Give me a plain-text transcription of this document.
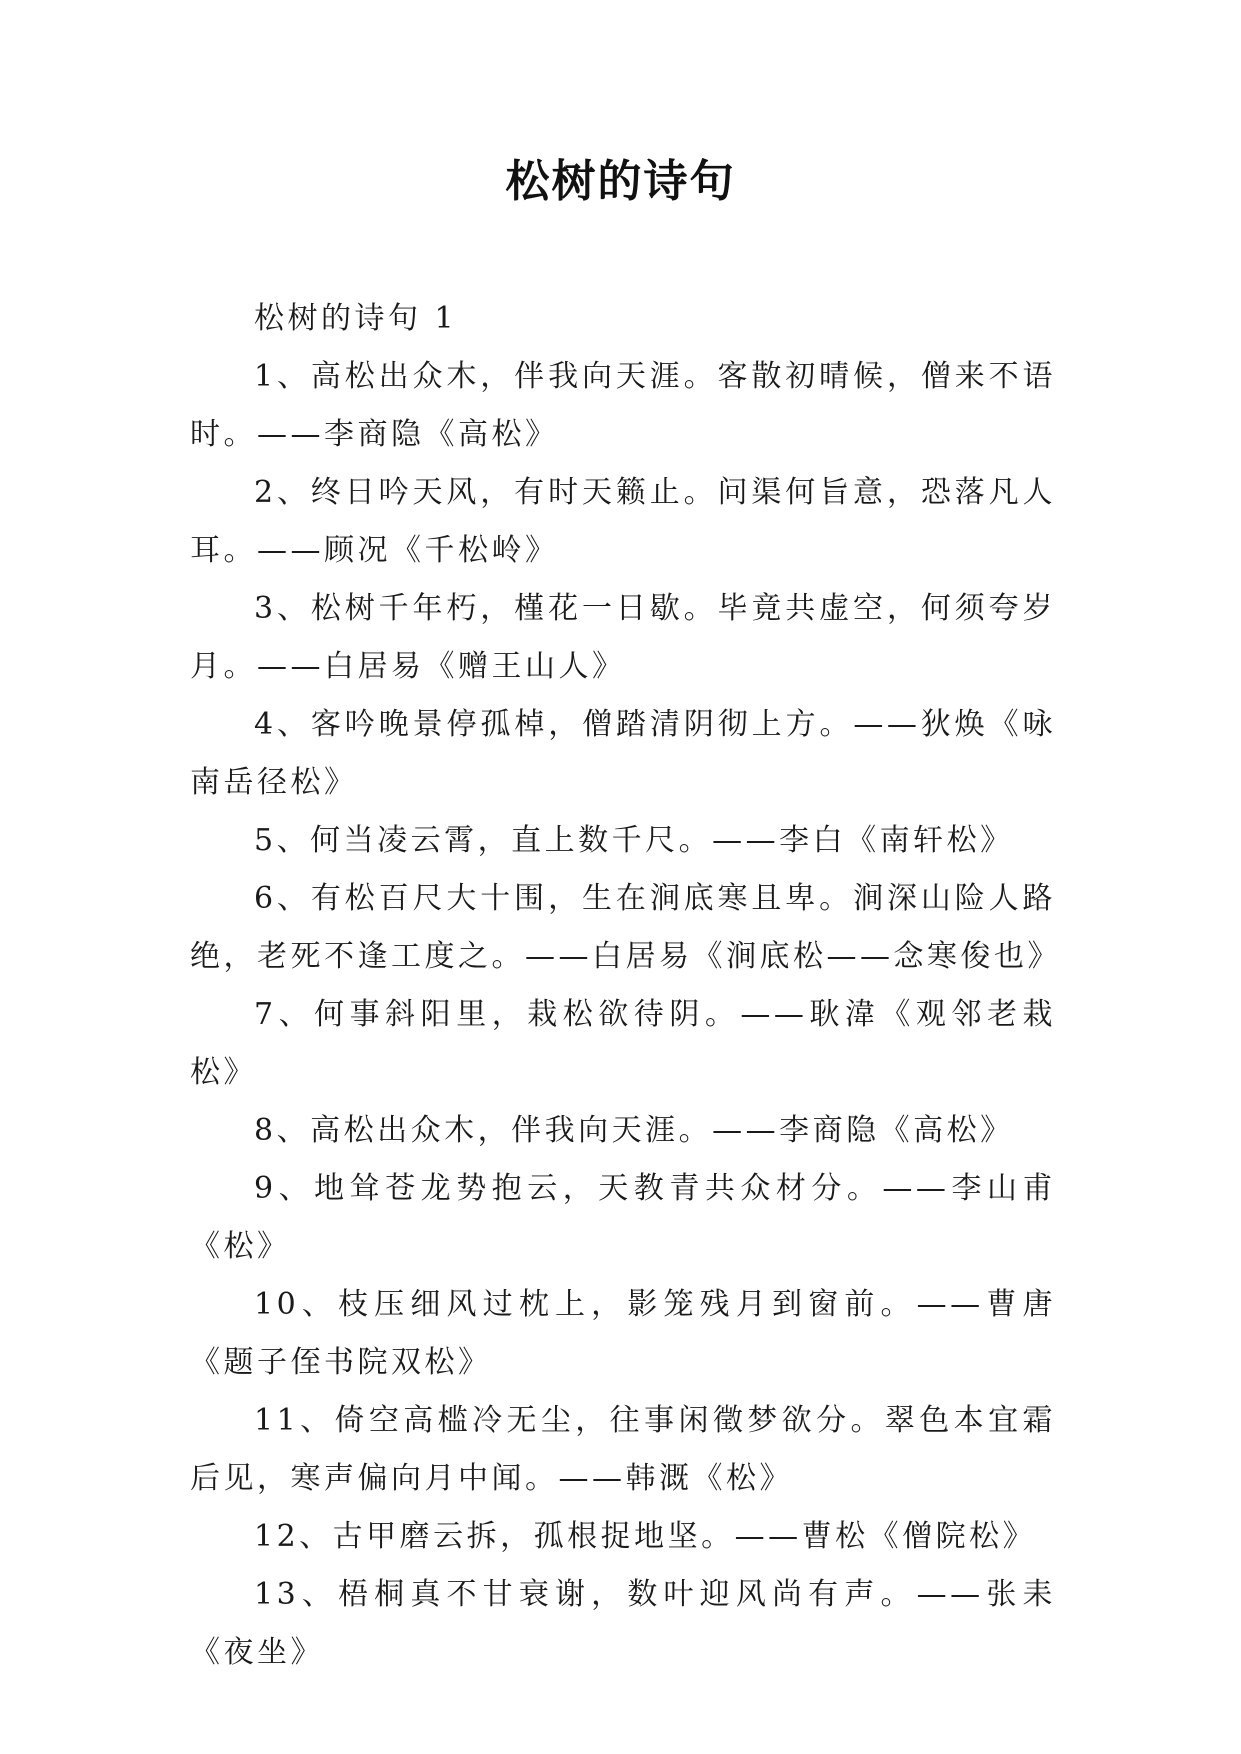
松树的诗句

松树的诗句 1

1、高松出众木，伴我向天涯。客散初晴候，僧来不语时。——李商隐《高松》

2、终日吟天风，有时天籁止。问渠何旨意，恐落凡人耳。——顾况《千松岭》

3、松树千年朽，槿花一日歇。毕竟共虚空，何须夸岁月。——白居易《赠王山人》

4、客吟晚景停孤棹，僧踏清阴彻上方。——狄焕《咏南岳径松》

5、何当凌云霄，直上数千尺。——李白《南轩松》

6、有松百尺大十围，生在涧底寒且卑。涧深山险人路绝，老死不逢工度之。——白居易《涧底松——念寒俊也》

7、何事斜阳里，栽松欲待阴。——耿湋《观邻老栽松》

8、高松出众木，伴我向天涯。——李商隐《高松》

9、地耸苍龙势抱云，天教青共众材分。——李山甫《松》

10、枝压细风过枕上，影笼残月到窗前。——曹唐《题子侄书院双松》

11、倚空高槛冷无尘，往事闲徵梦欲分。翠色本宜霜后见，寒声偏向月中闻。——韩溉《松》

12、古甲磨云拆，孤根捉地坚。——曹松《僧院松》

13、梧桐真不甘衰谢，数叶迎风尚有声。——张耒《夜坐》
